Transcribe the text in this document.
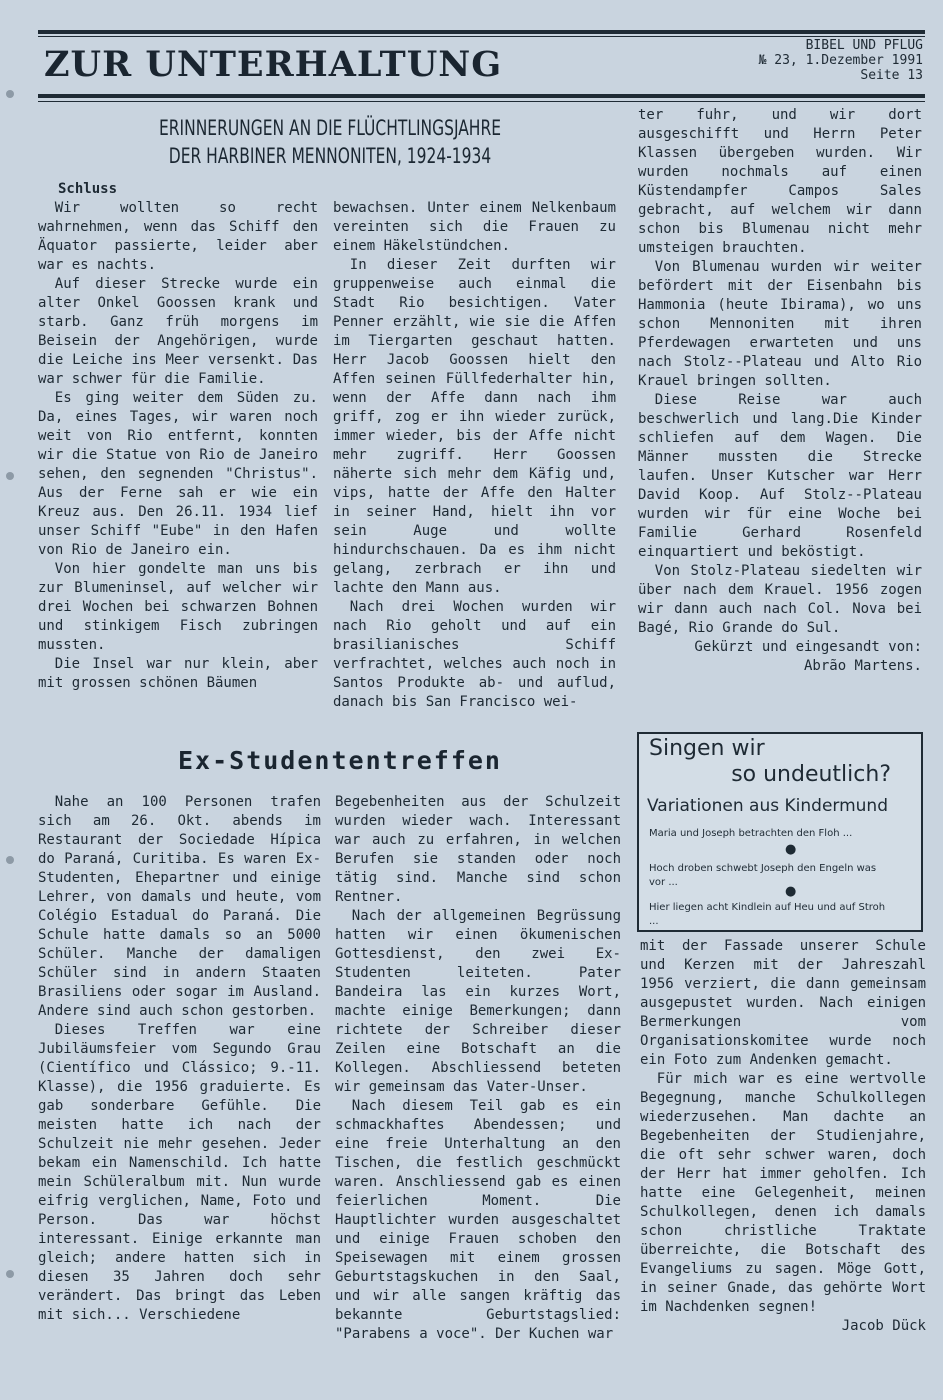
ZUR UNTERHALTUNG	BIBEL UND PFLUG
№ 23, 1.Dezember 1991
Seite 13
ERINNERUNGEN AN DIE FLÜCHTLINGSJAHRE
DER HARBINER MENNONITEN, 1924-1934

Schluss

Wir wollten so recht wahrnehmen, wenn das Schiff den Äquator passierte, leider aber war es nachts.

Auf dieser Strecke wurde ein alter Onkel Goossen krank und starb. Ganz früh morgens im Beisein der Angehörigen, wurde die Leiche ins Meer versenkt. Das war schwer für die Familie.

Es ging weiter dem Süden zu. Da, eines Tages, wir waren noch weit von Rio entfernt, konnten wir die Statue von Rio de Janeiro sehen, den segnenden "Christus". Aus der Ferne sah er wie ein Kreuz aus. Den 26.11. 1934 lief unser Schiff "Eube" in den Hafen von Rio de Janeiro ein.

Von hier gondelte man uns bis zur Blumeninsel, auf welcher wir drei Wochen bei schwarzen Bohnen und stinkigem Fisch zubringen mussten.

Die Insel war nur klein, aber mit grossen schönen Bäumen

bewachsen. Unter einem Nelkenbaum vereinten sich die Frauen zu einem Häkelstündchen.

In dieser Zeit durften wir gruppenweise auch einmal die Stadt Rio besichtigen. Vater Penner erzählt, wie sie die Affen im Tiergarten geschaut hatten. Herr Jacob Goossen hielt den Affen seinen Füllfederhalter hin, wenn der Affe dann nach ihm griff, zog er ihn wieder zurück, immer wieder, bis der Affe nicht mehr zugriff. Herr Goossen näherte sich mehr dem Käfig und, vips, hatte der Affe den Halter in seiner Hand, hielt ihn vor sein Auge und wollte hindurchschauen. Da es ihm nicht gelang, zerbrach er ihn und lachte den Mann aus.

Nach drei Wochen wurden wir nach Rio geholt und auf ein brasilianisches Schiff verfrachtet, welches auch noch in Santos Produkte ab- und auflud, danach bis San Francisco wei-

ter fuhr, und wir dort ausgeschifft und Herrn Peter Klassen übergeben wurden. Wir wurden nochmals auf einen Küstendampfer Campos Sales gebracht, auf welchem wir dann schon bis Blumenau nicht mehr umsteigen brauchten.

Von Blumenau wurden wir weiter befördert mit der Eisenbahn bis Hammonia (heute Ibirama), wo uns schon Mennoniten mit ihren Pferdewagen erwarteten und uns nach Stolz--Plateau und Alto Rio Krauel bringen sollten.

Diese Reise war auch beschwerlich und lang.Die Kinder schliefen auf dem Wagen. Die Männer mussten die Strecke laufen. Unser Kutscher war Herr David Koop. Auf Stolz--Plateau wurden wir für eine Woche bei Familie Gerhard Rosenfeld einquartiert und beköstigt.

Von Stolz-Plateau siedelten wir über nach dem Krauel. 1956 zogen wir dann auch nach Col. Nova bei Bagé, Rio Grande do Sul.

Gekürzt und eingesandt von:

Abrão Martens.

Ex-Studententreffen

Nahe an 100 Personen trafen sich am 26. Okt. abends im Restaurant der Sociedade Hípica do Paraná, Curitiba. Es waren Ex-Studenten, Ehepartner und einige Lehrer, von damals und heute, vom Colégio Estadual do Paraná. Die Schule hatte damals so an 5000 Schüler. Manche der damaligen Schüler sind in andern Staaten Brasiliens oder sogar im Ausland. Andere sind auch schon gestorben.

Dieses Treffen war eine Jubiläumsfeier vom Segundo Grau (Científico und Clássico; 9.-11. Klasse), die 1956 graduierte. Es gab sonderbare Gefühle. Die meisten hatte ich nach der Schulzeit nie mehr gesehen. Jeder bekam ein Namenschild. Ich hatte mein Schüleralbum mit. Nun wurde eifrig verglichen, Name, Foto und Person. Das war höchst interessant. Einige erkannte man gleich; andere hatten sich in diesen 35 Jahren doch sehr verändert. Das bringt das Leben mit sich... Verschiedene

Begebenheiten aus der Schulzeit wurden wieder wach. Interessant war auch zu erfahren, in welchen Berufen sie standen oder noch tätig sind. Manche sind schon Rentner.

Nach der allgemeinen Begrüssung hatten wir einen ökumenischen Gottesdienst, den zwei Ex-Studenten leiteten. Pater Bandeira las ein kurzes Wort, machte einige Bemerkungen; dann richtete der Schreiber dieser Zeilen eine Botschaft an die Kollegen. Abschliessend beteten wir gemeinsam das Vater-Unser.

Nach diesem Teil gab es ein schmackhaftes Abendessen; und eine freie Unterhaltung an den Tischen, die festlich geschmückt waren. Anschliessend gab es einen feierlichen Moment. Die Hauptlichter wurden ausgeschaltet und einige Frauen schoben den Speisewagen mit einem grossen Geburtstagskuchen in den Saal, und wir alle sangen kräftig das bekannte Geburtstagslied: "Parabens a voce". Der Kuchen war

Singen wir
so undeutlich?
Variationen aus Kindermund
Maria und Joseph betrachten den Floh ...
●
Hoch droben schwebt Joseph den Engeln was vor ...
●
Hier liegen acht Kindlein auf Heu und auf Stroh ...

mit der Fassade unserer Schule und Kerzen mit der Jahreszahl 1956 verziert, die dann gemeinsam ausgepustet wurden. Nach einigen Bermerkungen vom Organisationskomitee wurde noch ein Foto zum Andenken gemacht.

Für mich war es eine wertvolle Begegnung, manche Schulkollegen wiederzusehen. Man dachte an Begebenheiten der Studienjahre, die oft sehr schwer waren, doch der Herr hat immer geholfen. Ich hatte eine Gelegenheit, meinen Schulkollegen, denen ich damals schon christliche Traktate überreichte, die Botschaft des Evangeliums zu sagen. Möge Gott, in seiner Gnade, das gehörte Wort im Nachdenken segnen!

Jacob Dück
